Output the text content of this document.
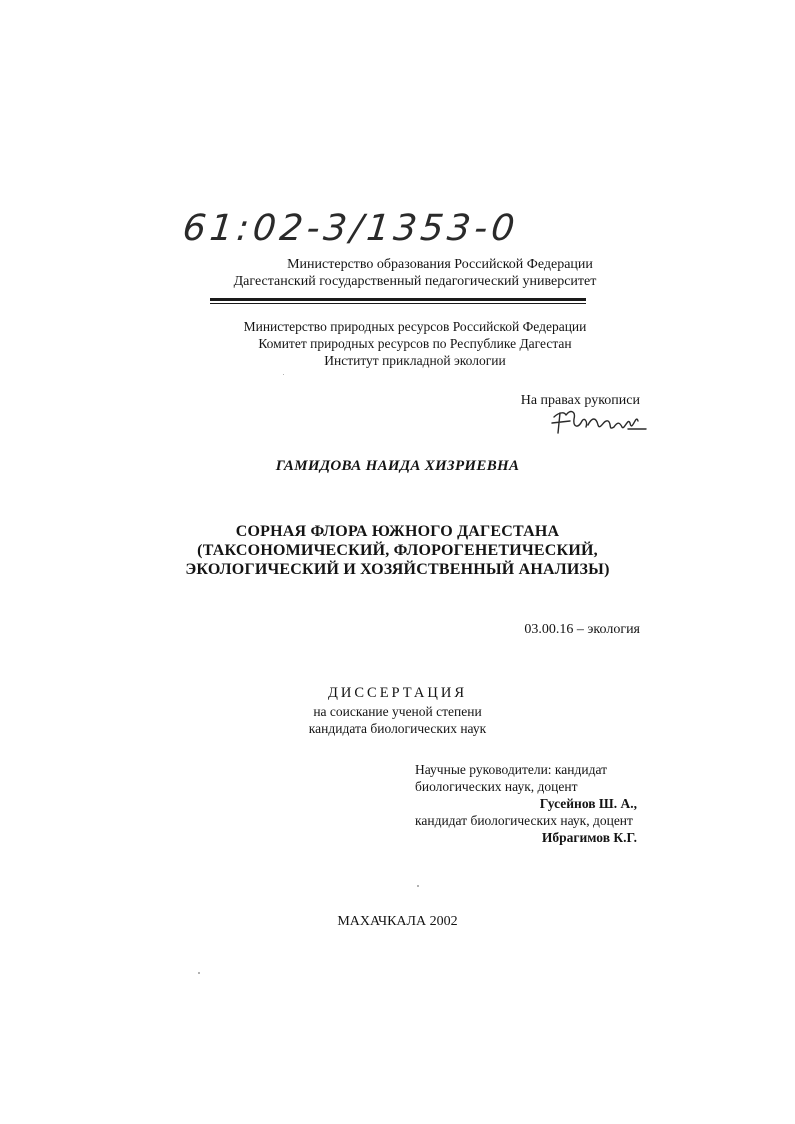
61:02-3/1353-0
Министерство образования Российской Федерации
Дагестанский государственный педагогический университет
Министерство природных ресурсов Российской Федерации
Комитет природных ресурсов по Республике Дагестан
Институт прикладной экологии
На правах рукописи
ГАМИДОВА НАИДА ХИЗРИЕВНА
СОРНАЯ ФЛОРА ЮЖНОГО ДАГЕСТАНА
(ТАКСОНОМИЧЕСКИЙ, ФЛОРОГЕНЕТИЧЕСКИЙ,
ЭКОЛОГИЧЕСКИЙ И ХОЗЯЙСТВЕННЫЙ АНАЛИЗЫ)
03.00.16 – экология
ДИССЕРТАЦИЯ
на соискание ученой степени
кандидата биологических наук
Научные руководители: кандидат
биологических наук, доцент
Гусейнов Ш. А.,
кандидат биологических наук, доцент
Ибрагимов К.Г.
МАХАЧКАЛА 2002
